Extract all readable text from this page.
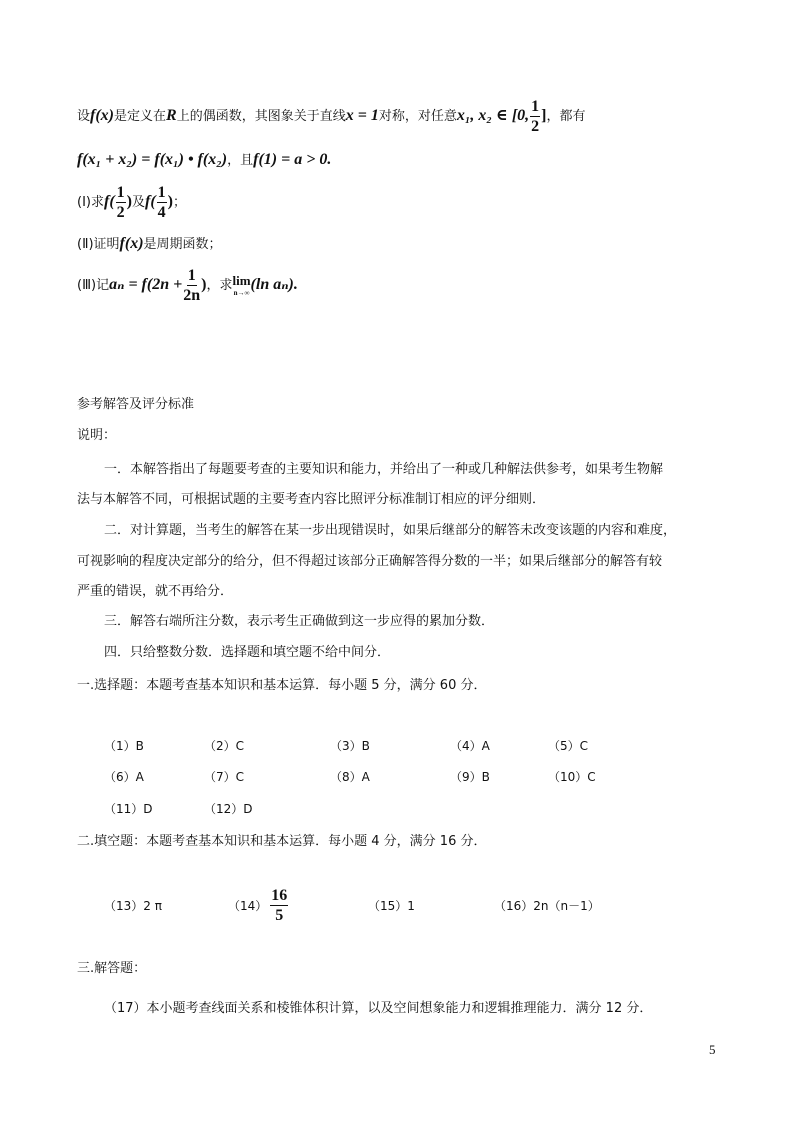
设f(x)是定义在R上的偶函数，其图象关于直线x = 1对称，对任意x₁, x₂ ∈ [0, $\frac{1}{2}$ ]，都有
f(x₁ + x₂) = f(x₁) • f(x₂)，且f(1) = a > 0.
(Ⅰ)求$f( \frac{1}{2}$ )及$f( \frac{1}{4}$ )；
(Ⅱ)证明f(x)是周期函数；
(Ⅲ)记$a_n = f(2n + \frac{1}{2n}$ )，求 lim
n→∞ (ln aₙ).
参考解答及评分标准
说明：
一．本解答指出了每题要考查的主要知识和能力，并给出了一种或几种解法供参考，如果考生物解
法与本解答不同，可根据试题的主要考查内容比照评分标准制订相应的评分细则．
二．对计算题，当考生的解答在某一步出现错误时，如果后继部分的解答未改变该题的内容和难度，
可视影响的程度决定部分的给分，但不得超过该部分正确解答得分数的一半；如果后继部分的解答有较
严重的错误，就不再给分．
三．解答右端所注分数，表示考生正确做到这一步应得的累加分数．
四．只给整数分数．选择题和填空题不给中间分．
一.选择题：本题考查基本知识和基本运算．每小题 5 分，满分 60 分．
（1）B	（2）C	（3）B	（4）A	（5）C
（6）A	（7）C	（8）A	（9）B	（10）C
（11）D	（12）D
二.填空题：本题考查基本知识和基本运算．每小题 4 分，满分 16 分．
（13）2 π	$(14) \frac{16}{5}$	（15）1	（16）2n（n－1）
三.解答题：
（17）本小题考查线面关系和棱锥体积计算，以及空间想象能力和逻辑推理能力．满分 12 分．
5
